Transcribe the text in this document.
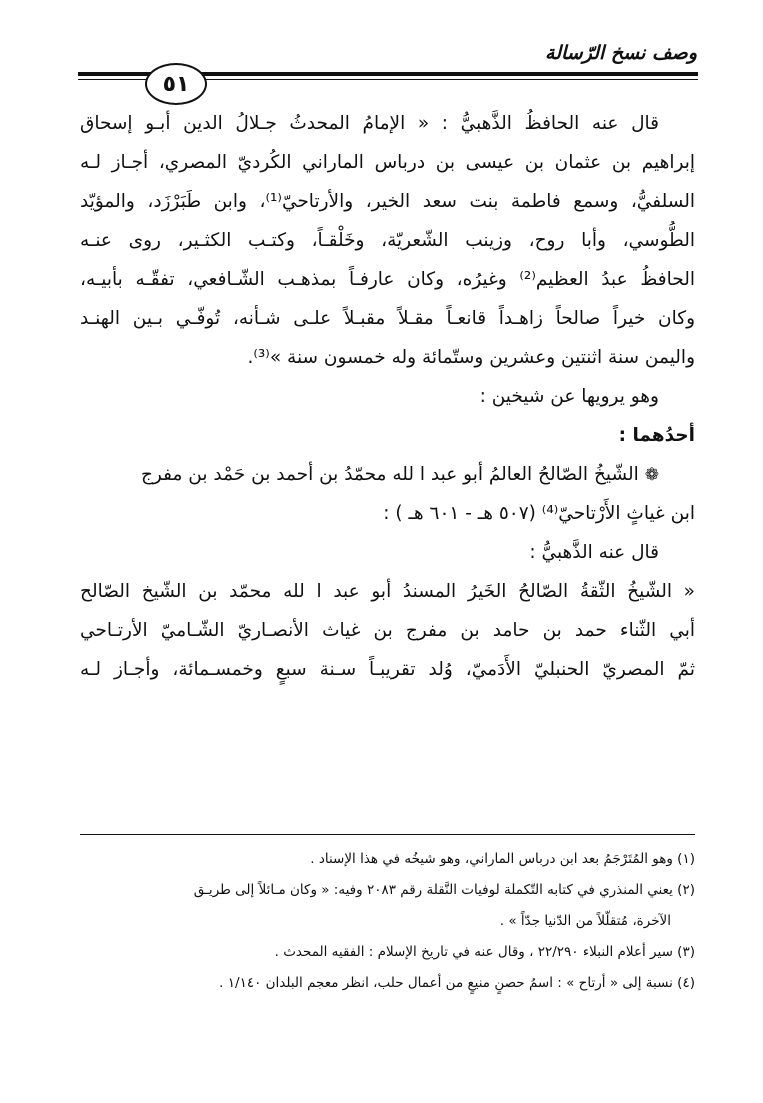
وصف نسخ الرّسالة
٥١
قال عنه الحافظُ الذَّهبيُّ : « الإمامُ المحدثُ جـلالُ الدين أبـو إسحاق
إبراهيم بن عثمان بن عيسى بن درباس الماراني الكُرديّ المصري، أجـاز لـه
السلفيُّ، وسمع فاطمة بنت سعد الخير، والأرتاحيّ⁽¹⁾، وابن طَبَرْزَد، والمؤيّد
الطُّوسي، وأبا روح، وزينب الشّعريّة، وخَلْقـاً، وكتـب الكثـير، روى عنـه
الحافظُ عبدُ العظيم⁽²⁾ وغيرُه، وكان عارفـاً بمذهـب الشّـافعي، تفقّـه بأبيـه،
وكان خيراً صالحاً زاهـداً قانعـاً مقـلاً مقبـلاً علـى شـأنه، تُوفّـي بـين الهنـد
واليمن سنة اثنتين وعشرين وستّمائة وله خمسون سنة »⁽³⁾.
وهو يرويها عن شيخين :
أحدُهما :
❁الشّيخُ الصّالحُ العالمُ أبو عبد ا لله محمّدُ بن أحمد بن حَمْد بن مفرج
ابن غياثٍ الأَرْتاحيّ⁽⁴⁾ (٥٠٧ هـ - ٦٠١ هـ ) :
قال عنه الذَّهبيُّ :
« الشّيخُ الثّقةُ الصّالحُ الخَيرُ المسندُ أبو عبد ا لله محمّد بن الشّيخ الصّالح
أبي الثّناء حمد بن حامد بن مفرج بن غياث الأنصـاريّ الشّـاميّ الأرتـاحي
ثمّ المصريّ الحنبليّ الأَدَميّ، وُلد تقريبـاً سـنة سبعٍ وخمسـمائة، وأجـاز لـه
(١) وهو المُتَرْجَمُ بعد ابن درباس الماراني، وهو شيخُه في هذا الإسناد .
(٢) يعني المنذري في كتابه التّكملة لوفيات النَّقلة رقم ٢٠٨٣ وفيه: « وكان مـائلاً إلى طريـق
الآخرة، مُتقلّلاً من الدّنيا جدّاً » .
(٣) سير أعلام النبلاء ٢٢/٢٩٠ ، وقال عنه في تاريخ الإسلام : الفقيه المحدث .
(٤) نسبة إلى « أرتاح » : اسمُ حصنٍ منيعٍ من أعمال حلب، انظر معجم البلدان ١/١٤٠ .
